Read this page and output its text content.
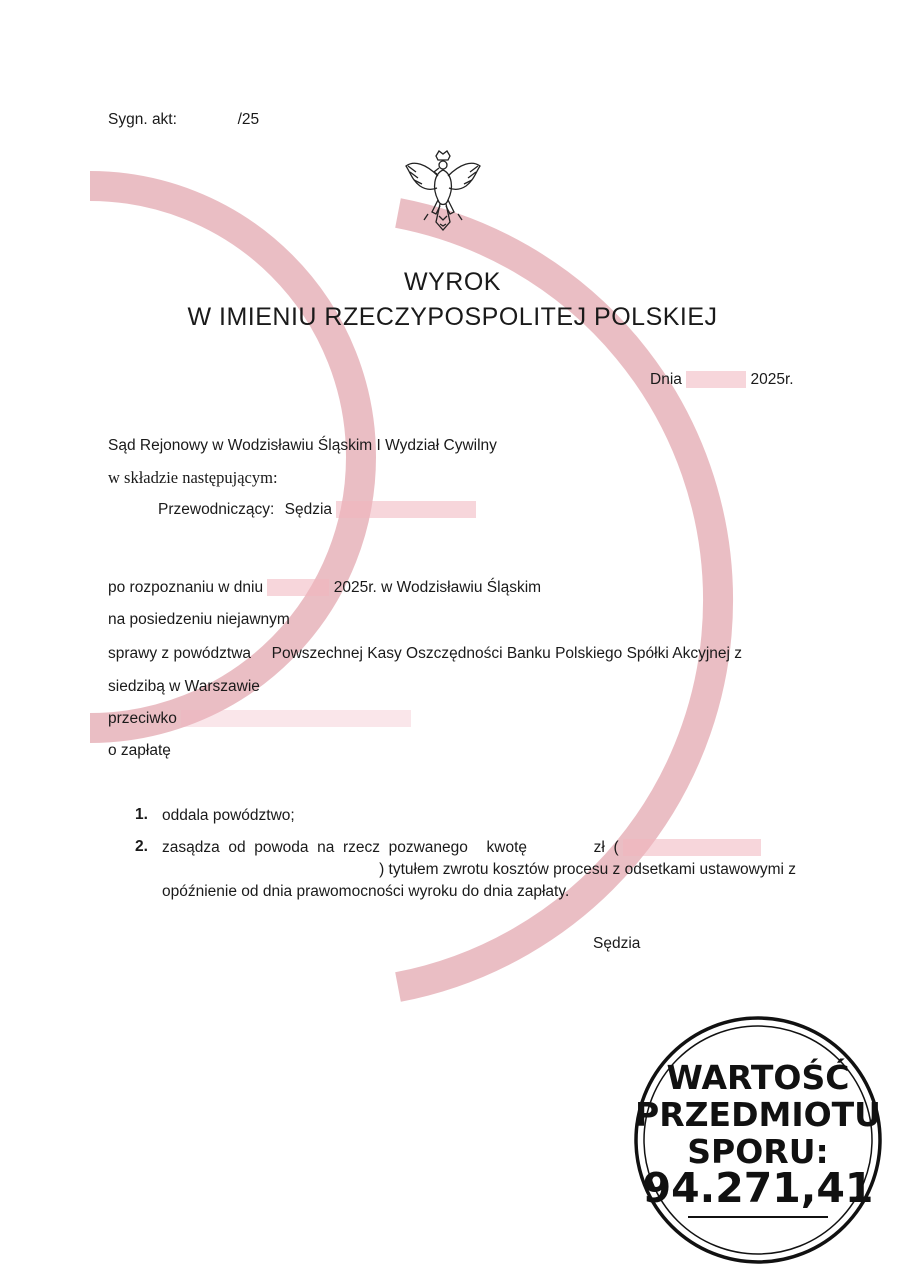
Sygn. akt:	/25
WYROK
W IMIENIU RZECZYPOSPOLITEJ POLSKIEJ
Dnia	2025r.
Sąd Rejonowy w Wodzisławiu Śląskim I Wydział Cywilny
w składzie następującym:
Przewodniczący: Sędzia
po rozpoznaniu w dniu	2025r. w Wodzisławiu Śląskim
na posiedzeniu niejawnym
sprawy z powództwa Powszechnej Kasy Oszczędności Banku Polskiego Spółki Akcyjnej z
siedzibą w Warszawie
przeciwko
o zapłatę
1. oddala powództwo;
2. zasądza  od  powoda  na  rzecz  pozwanego kwotę	zł  (
) tytułem zwrotu kosztów procesu z odsetkami ustawowymi z
opóźnienie od dnia prawomocności wyroku do dnia zapłaty.
Sędzia
WARTOŚĆ
PRZEDMIOTU
SPORU:
94.271,41
